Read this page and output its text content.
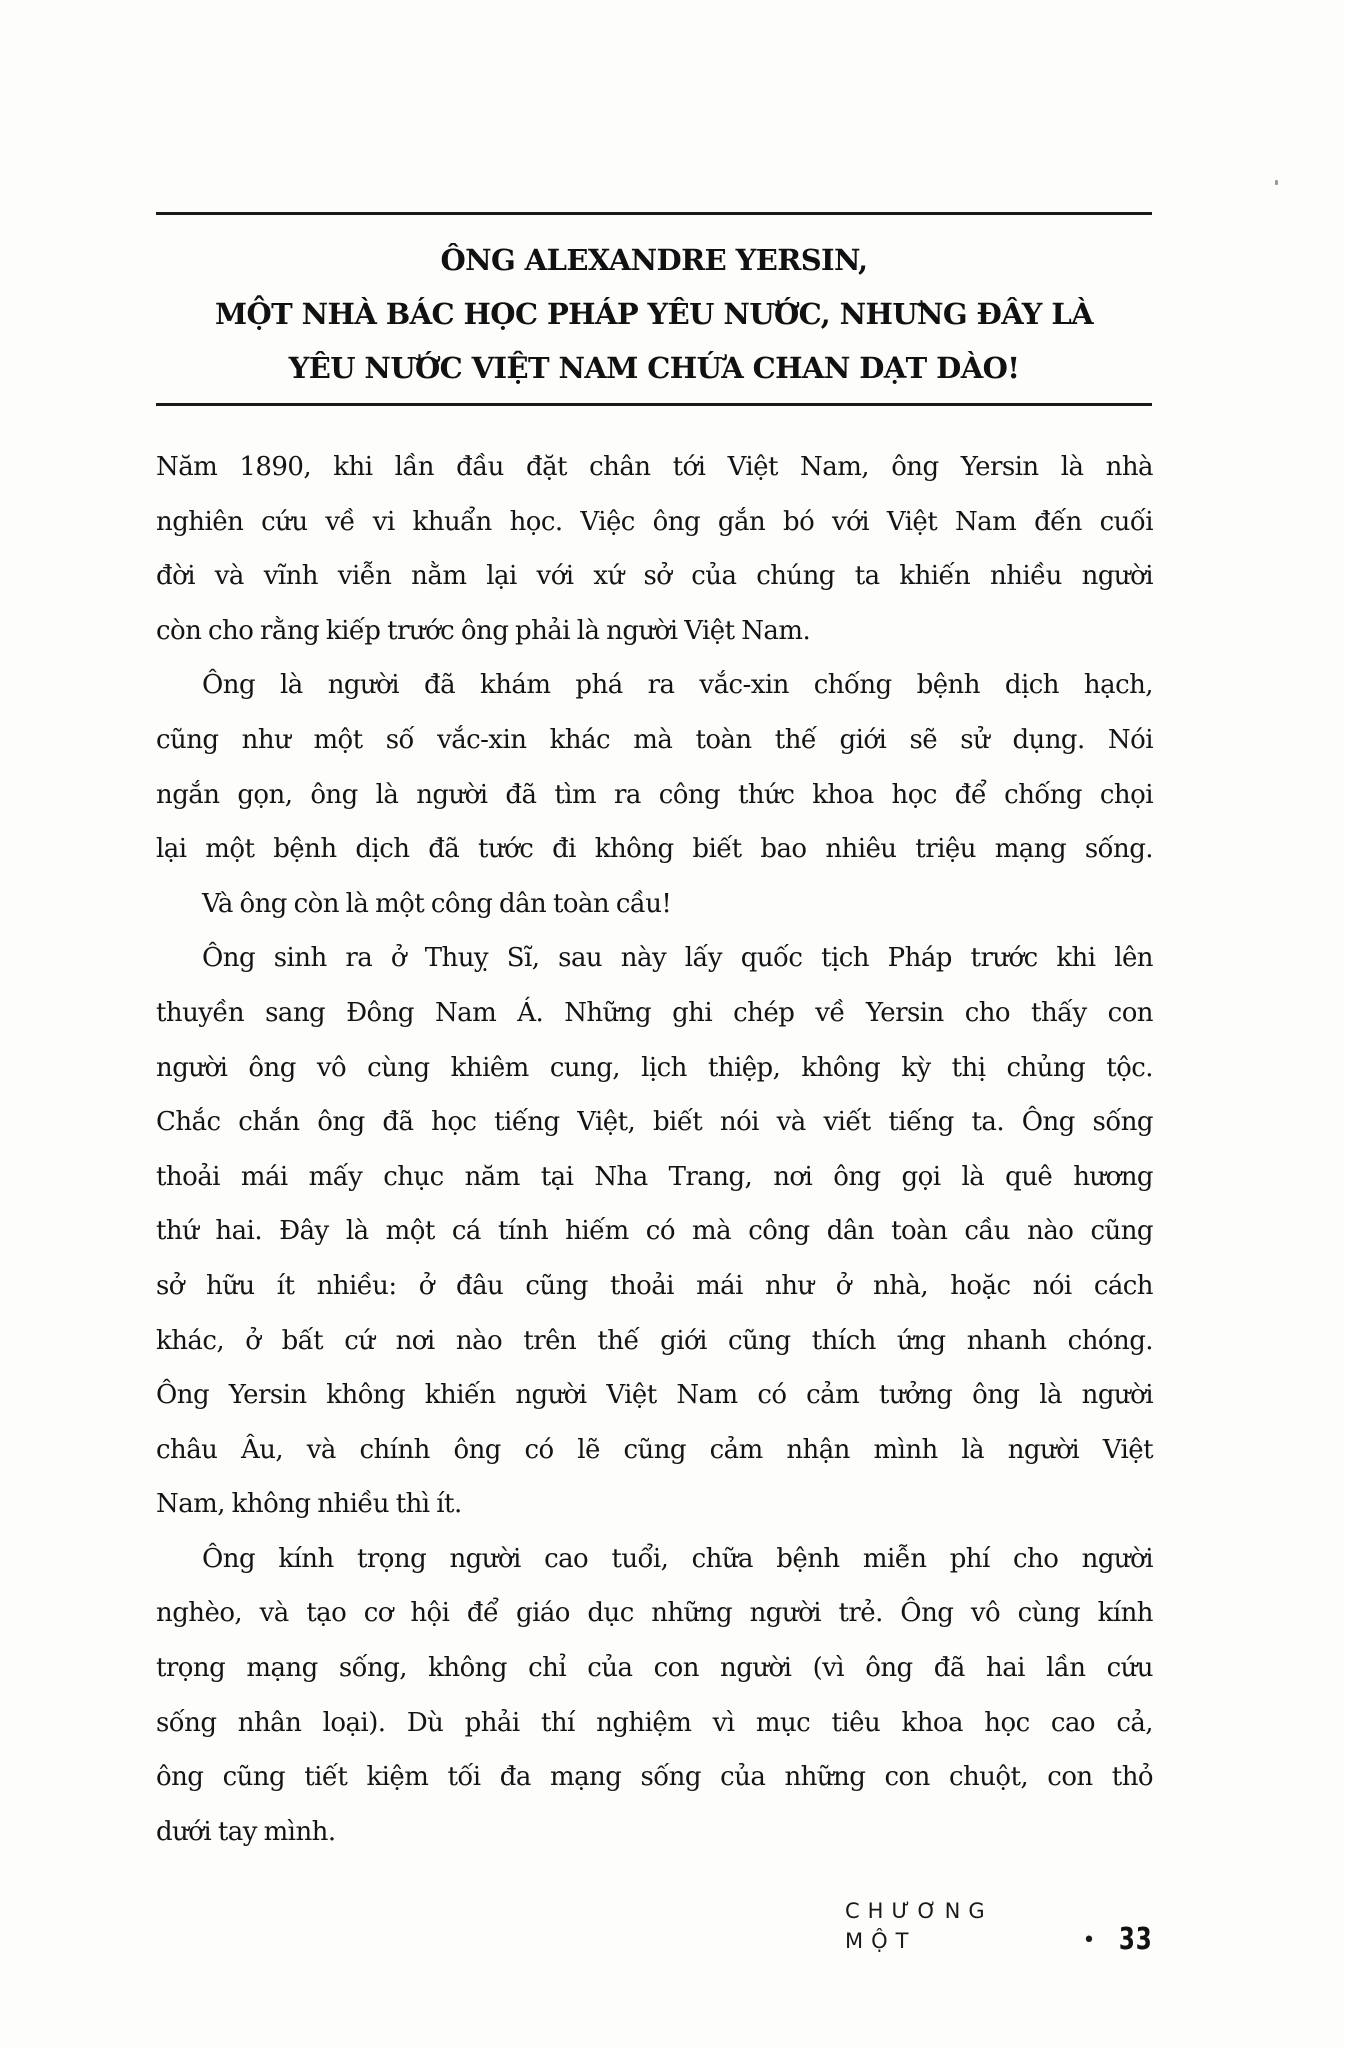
ÔNG ALEXANDRE YERSIN,
MỘT NHÀ BÁC HỌC PHÁP YÊU NƯỚC, NHƯNG ĐÂY LÀ
YÊU NƯỚC VIỆT NAM CHỨA CHAN DẠT DÀO!

Năm 1890, khi lần đầu đặt chân tới Việt Nam, ông Yersin là nhà
nghiên cứu về vi khuẩn học. Việc ông gắn bó với Việt Nam đến cuối
đời và vĩnh viễn nằm lại với xứ sở của chúng ta khiến nhiều người
còn cho rằng kiếp trước ông phải là người Việt Nam.

Ông là người đã khám phá ra vắc-xin chống bệnh dịch hạch,
cũng như một số vắc-xin khác mà toàn thế giới sẽ sử dụng. Nói
ngắn gọn, ông là người đã tìm ra công thức khoa học để chống chọi
lại một bệnh dịch đã tước đi không biết bao nhiêu triệu mạng sống.

Và ông còn là một công dân toàn cầu!

Ông sinh ra ở Thuỵ Sĩ, sau này lấy quốc tịch Pháp trước khi lên
thuyền sang Đông Nam Á. Những ghi chép về Yersin cho thấy con
người ông vô cùng khiêm cung, lịch thiệp, không kỳ thị chủng tộc.
Chắc chắn ông đã học tiếng Việt, biết nói và viết tiếng ta. Ông sống
thoải mái mấy chục năm tại Nha Trang, nơi ông gọi là quê hương
thứ hai. Đây là một cá tính hiếm có mà công dân toàn cầu nào cũng
sở hữu ít nhiều: ở đâu cũng thoải mái như ở nhà, hoặc nói cách
khác, ở bất cứ nơi nào trên thế giới cũng thích ứng nhanh chóng.
Ông Yersin không khiến người Việt Nam có cảm tưởng ông là người
châu Âu, và chính ông có lẽ cũng cảm nhận mình là người Việt
Nam, không nhiều thì ít.

Ông kính trọng người cao tuổi, chữa bệnh miễn phí cho người
nghèo, và tạo cơ hội để giáo dục những người trẻ. Ông vô cùng kính
trọng mạng sống, không chỉ của con người (vì ông đã hai lần cứu
sống nhân loại). Dù phải thí nghiệm vì mục tiêu khoa học cao cả,
ông cũng tiết kiệm tối đa mạng sống của những con chuột, con thỏ
dưới tay mình.

CHƯƠNG MỘT	• 33
